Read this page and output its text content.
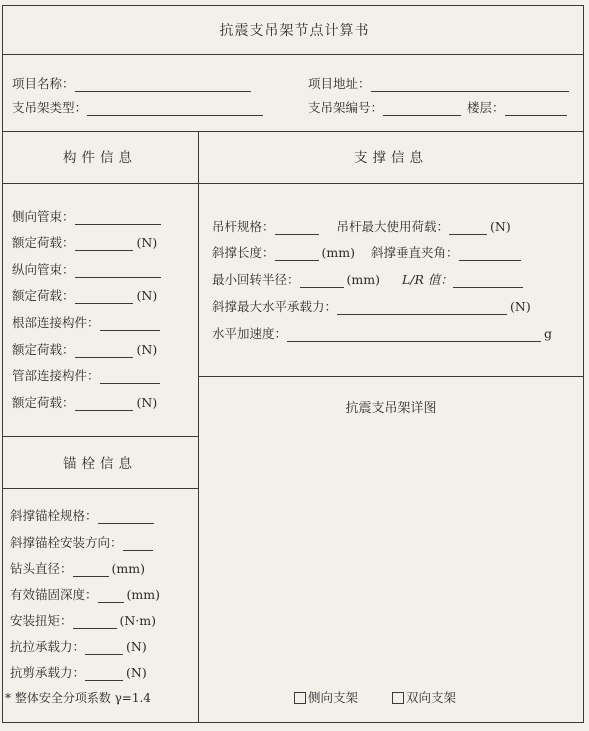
抗震支吊架节点计算书
项目名称：	项目地址：
支吊架类型：	支吊架编号：	楼层：
构件信息
侧向管束：
额定荷载：	(N)
纵向管束：
额定荷载：	(N)
根部连接构件：
额定荷载：	(N)
管部连接构件：
额定荷载：	(N)
锚栓信息
斜撑锚栓规格：
斜撑锚栓安装方向：
钻头直径：	(mm)
有效锚固深度： (mm)
安装扭矩：	(N·m)
抗拉承载力：	(N)
抗剪承载力：	(N)
* 整体安全分项系数 γ=1.4
支撑信息
吊杆规格：	吊杆最大使用荷载：	(N)
斜撑长度：	(mm) 斜撑垂直夹角：
最小回转半径：	(mm) L/R 值：
斜撑最大水平承载力：	(N)
水平加速度：	g
抗震支吊架详图
侧向支架	双向支架
